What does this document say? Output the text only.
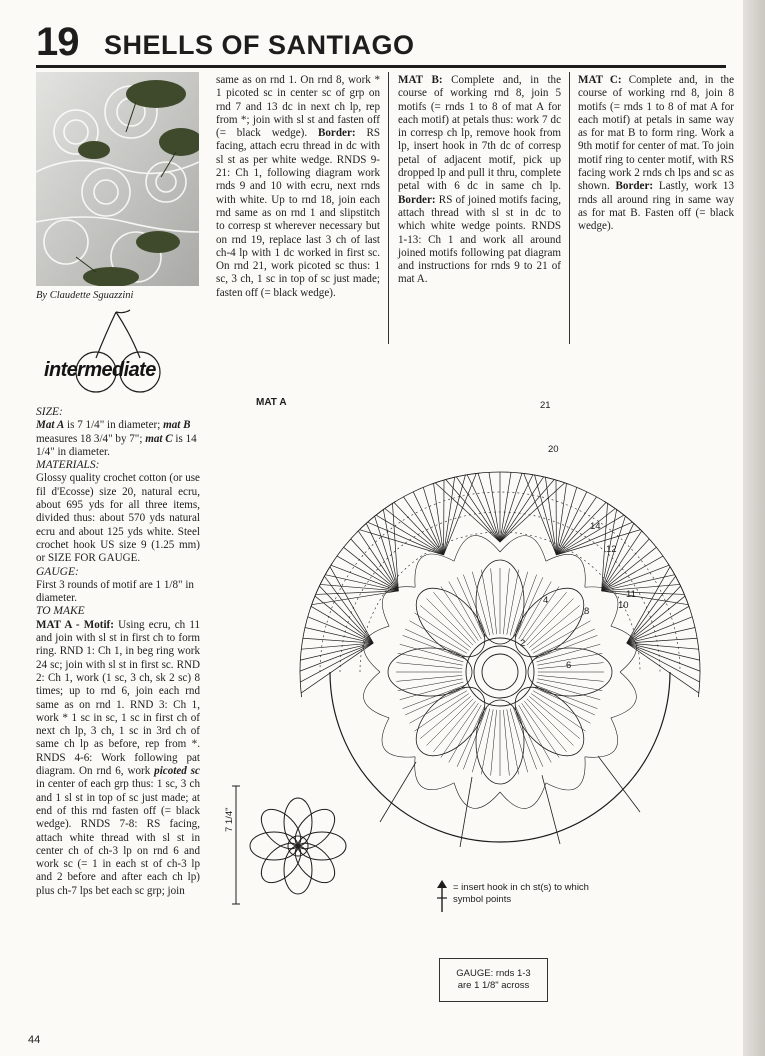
19 SHELLS OF SANTIAGO
By Claudette Sguazzini
intermediate

SIZE:

Mat A is 7 1/4" in diameter; mat B measures 18 3/4" by 7"; mat C is 14 1/4" in diameter.

MATERIALS:

Glossy quality crochet cotton (or use fil d'Ecosse) size 20, natural ecru, about 695 yds for all three items, divided thus: about 570 yds natural ecru and about 125 yds white. Steel crochet hook US size 9 (1.25 mm) or SIZE FOR GAUGE.

GAUGE:

First 3 rounds of motif are 1 1/8" in diameter.

TO MAKE

MAT A - Motif: Using ecru, ch 11 and join with sl st in first ch to form ring. RND 1: Ch 1, in beg ring work 24 sc; join with sl st in first sc. RND 2: Ch 1, work (1 sc, 3 ch, sk 2 sc) 8 times; up to rnd 6, join each rnd same as on rnd 1. RND 3: Ch 1, work * 1 sc in sc, 1 sc in first ch of next ch lp, 3 ch, 1 sc in 3rd ch of same ch lp as before, rep from *. RNDS 4-6: Work following pat diagram. On rnd 6, work picoted sc in center of each grp thus: 1 sc, 3 ch and 1 sl st in top of sc just made; at end of this rnd fasten off (= black wedge). RNDS 7-8: RS facing, attach white thread with sl st in center ch of ch-3 lp on rnd 6 and work sc (= 1 in each st of ch-3 lp and 2 before and after each ch lp) plus ch-7 lps bet each sc grp; join

same as on rnd 1. On rnd 8, work * 1 picoted sc in center sc of grp on rnd 7 and 13 dc in next ch lp, rep from *; join with sl st and fasten off (= black wedge). Border: RS facing, attach ecru thread in dc with sl st as per white wedge. RNDS 9-21: Ch 1, following diagram work rnds 9 and 10 with ecru, next rnds with white. Up to rnd 18, join each rnd same as on rnd 1 and slipstitch to corresp st wherever necessary but on rnd 19, replace last 3 ch of last ch-4 lp with 1 dc worked in first sc. On rnd 21, work picoted sc thus: 1 sc, 3 ch, 1 sc in top of sc just made; fasten off (= black wedge).

MAT B: Complete and, in the course of working rnd 8, join 5 motifs (= rnds 1 to 8 of mat A for each motif) at petals thus: work 7 dc in corresp ch lp, remove hook from lp, insert hook in 7th dc of corresp petal of adjacent motif, pick up dropped lp and pull it thru, complete petal with 6 dc in same ch lp. Border: RS of joined motifs facing, attach thread with sl st in dc to which white wedge points. RNDS 1-13: Ch 1 and work all around joined motifs following pat diagram and instructions for rnds 9 to 21 of mat A.

MAT C: Complete and, in the course of working rnd 8, join 8 motifs (= rnds 1 to 8 of mat A for each motif) at petals in same way as for mat B to form ring. Work a 9th motif for center of mat. To join motif ring to center motif, with RS facing work 2 rnds ch lps and sc as shown. Border: Lastly, work 13 rnds all around ring in same way as for mat B. Fasten off (= black wedge).

MAT A	21
20
14
12
11
10
8
6
4
2
7 1/4"
= insert hook in ch st(s) to which symbol points
GAUGE: rnds 1-3
are 1 1/8" across
44
